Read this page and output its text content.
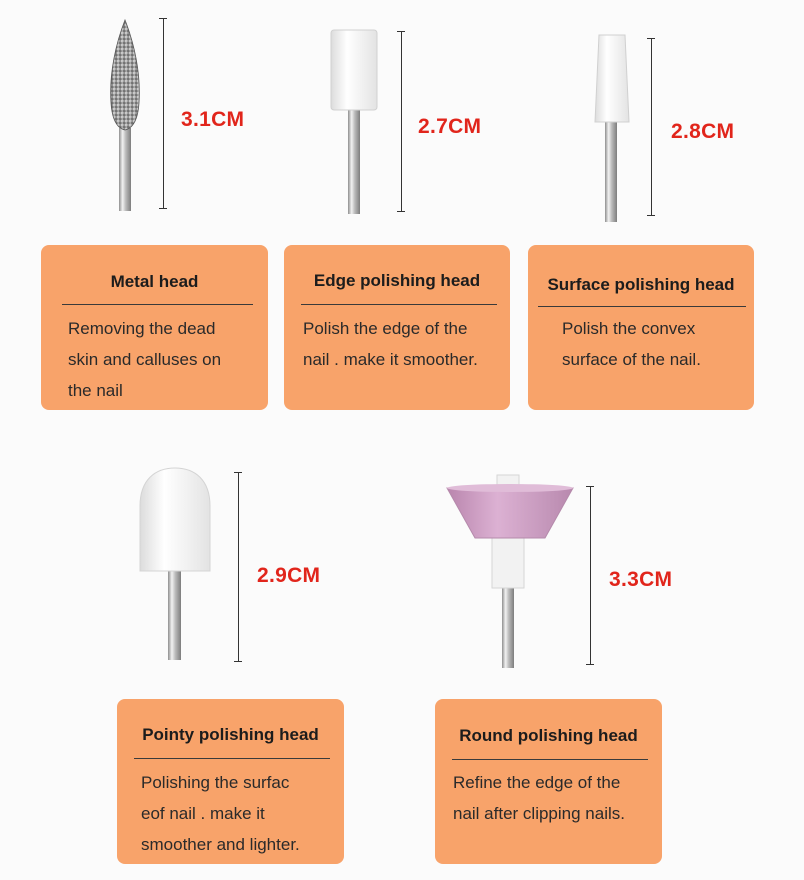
3.1CM
Metal head
Removing the dead
skin and calluses on
the nail
2.7CM
Edge polishing head
Polish the edge of the
nail . make it smoother.
2.8CM
Surface polishing head
Polish the convex
surface of the nail.
2.9CM
Pointy polishing head
Polishing the surfac
eof nail . make it
smoother and lighter.
3.3CM
Round polishing head
Refine the edge of the
nail after clipping nails.
